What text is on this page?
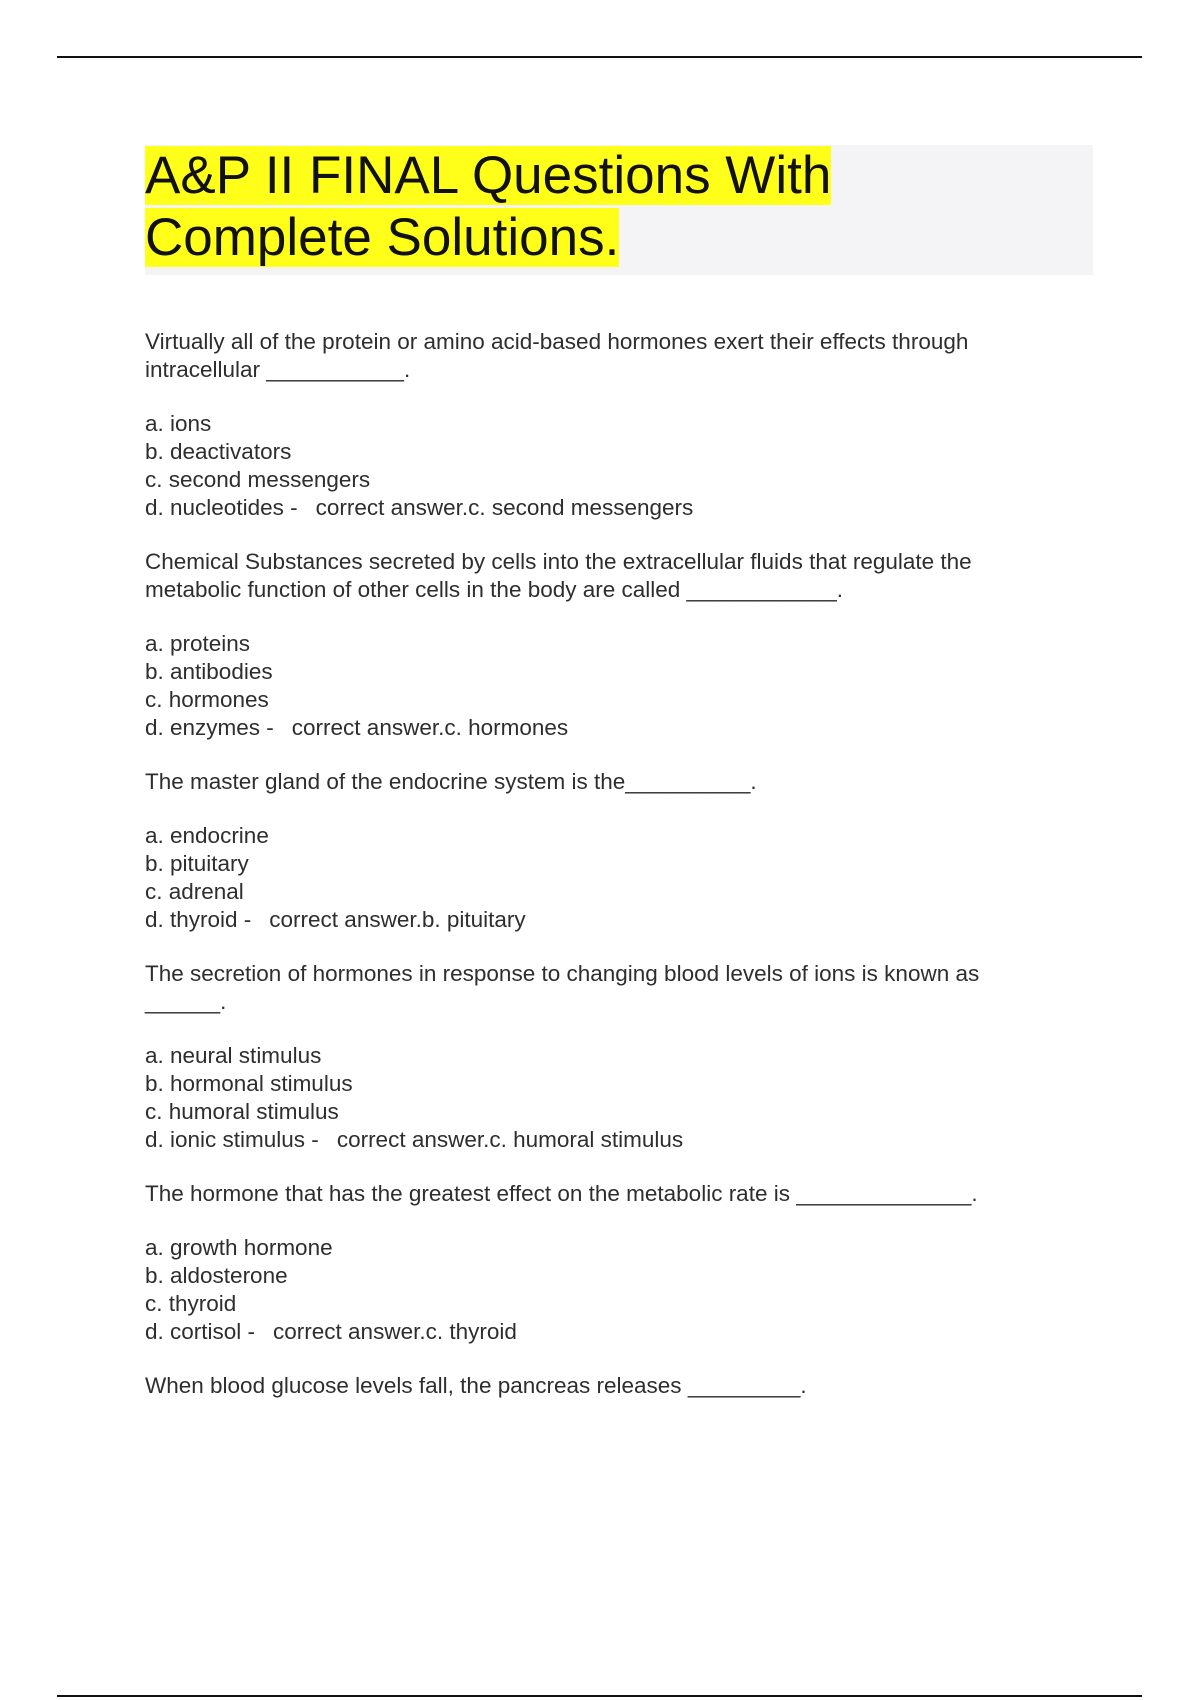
A&P II FINAL Questions With Complete Solutions.

Virtually all of the protein or amino acid-based hormones exert their effects through intracellular ___________.

a. ions
b. deactivators
c. second messengers
d. nucleotides - correct answer.c. second messengers

Chemical Substances secreted by cells into the extracellular fluids that regulate the metabolic function of other cells in the body are called ____________.

a. proteins
b. antibodies
c. hormones
d. enzymes - correct answer.c. hormones

The master gland of the endocrine system is the__________.

a. endocrine
b. pituitary
c. adrenal
d. thyroid - correct answer.b. pituitary

The secretion of hormones in response to changing blood levels of ions is known as ______.

a. neural stimulus
b. hormonal stimulus
c. humoral stimulus
d. ionic stimulus - correct answer.c. humoral stimulus

The hormone that has the greatest effect on the metabolic rate is ______________.

a. growth hormone
b. aldosterone
c. thyroid
d. cortisol - correct answer.c. thyroid

When blood glucose levels fall, the pancreas releases _________.
